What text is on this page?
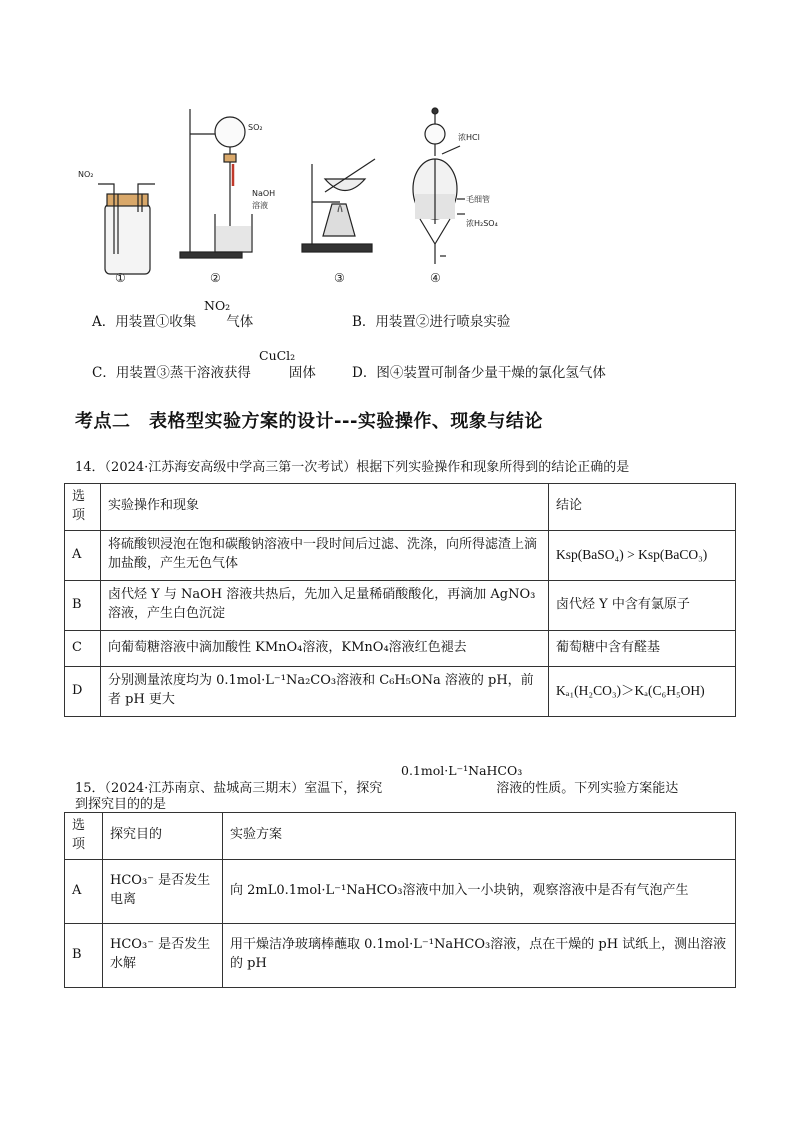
NO₂
SO₂
NaOH
溶液
浓HCl
毛细管
浓H₂SO₄
①	②	③	④
A．用装置①收集 气体
NO₂
B．用装置②进行喷泉实验
C．用装置③蒸干溶液获得	固体
CuCl₂
D．图④装置可制备少量干燥的氯化氢气体
考点二　表格型实验方案的设计---实验操作、现象与结论
14．（2024·江苏海安高级中学高三第一次考试）根据下列实验操作和现象所得到的结论正确的是
选项	实验操作和现象	结论
A	将硫酸钡浸泡在饱和碳酸钠溶液中一段时间后过滤、洗涤，向所得滤渣上滴加盐酸，产生无色气体	Ksp(BaSO₄) > Ksp(BaCO₃)
B	卤代烃 Y 与 NaOH 溶液共热后，先加入足量稀硝酸酸化，再滴加 AgNO₃溶液，产生白色沉淀	卤代烃 Y 中含有氯原子
C	向葡萄糖溶液中滴加酸性 KMnO₄溶液，KMnO₄溶液红色褪去	葡萄糖中含有醛基
D	分别测量浓度均为 0.1mol·L⁻¹Na₂CO₃溶液和 C₆H₅ONa 溶液的 pH，前者 pH 更大	Kₐ₁(H₂CO₃)＞Kₐ(C₆H₅OH)
15．（2024·江苏南京、盐城高三期末）室温下，探究	溶液的性质。下列实验方案能达
0.1mol·L⁻¹NaHCO₃
到探究目的的是
选项	探究目的	实验方案
A	HCO₃⁻ 是否发生电离	向 2mL0.1mol·L⁻¹NaHCO₃溶液中加入一小块钠，观察溶液中是否有气泡产生
B	HCO₃⁻ 是否发生水解	用干燥洁净玻璃棒蘸取 0.1mol·L⁻¹NaHCO₃溶液，点在干燥的 pH 试纸上，测出溶液的 pH
